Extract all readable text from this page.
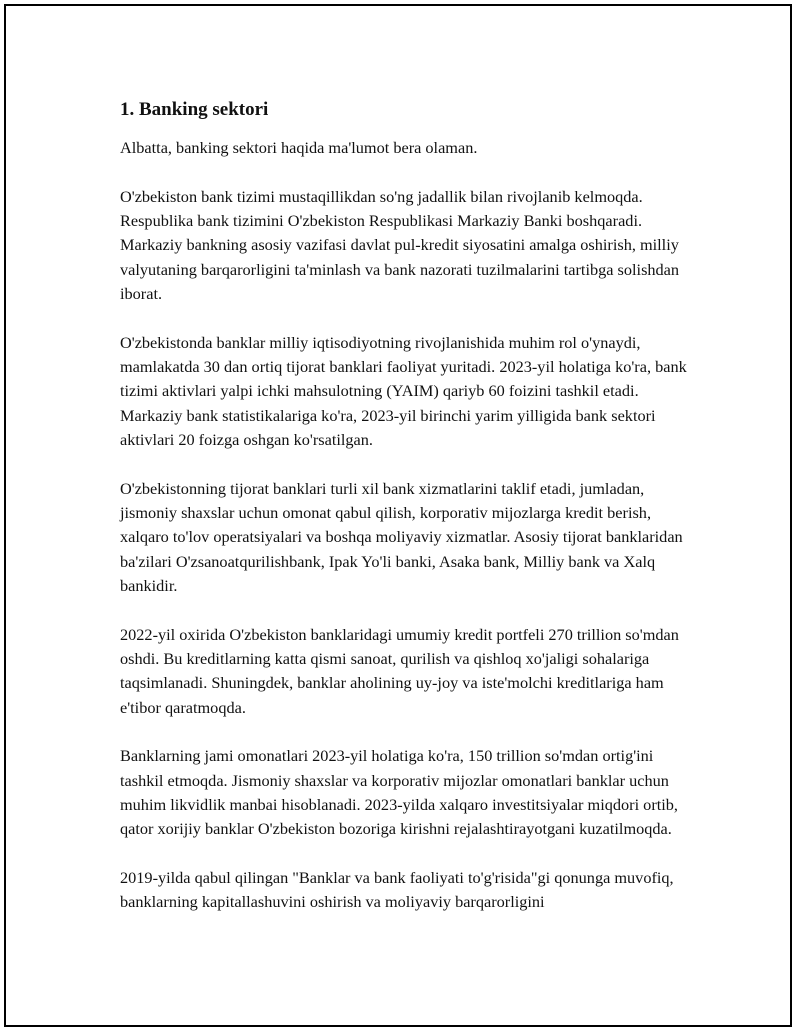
1. Banking sektori

Albatta, banking sektori haqida ma'lumot bera olaman.

O'zbekiston bank tizimi mustaqillikdan so'ng jadallik bilan rivojlanib kelmoqda. Respublika bank tizimini O'zbekiston Respublikasi Markaziy Banki boshqaradi. Markaziy bankning asosiy vazifasi davlat pul-kredit siyosatini amalga oshirish, milliy valyutaning barqarorligini ta'minlash va bank nazorati tuzilmalarini tartibga solishdan iborat.

O'zbekistonda banklar milliy iqtisodiyotning rivojlanishida muhim rol o'ynaydi, mamlakatda 30 dan ortiq tijorat banklari faoliyat yuritadi. 2023-yil holatiga ko'ra, bank tizimi aktivlari yalpi ichki mahsulotning (YAIM) qariyb 60 foizini tashkil etadi. Markaziy bank statistikalariga ko'ra, 2023-yil birinchi yarim yilligida bank sektori aktivlari 20 foizga oshgan ko'rsatilgan.

O'zbekistonning tijorat banklari turli xil bank xizmatlarini taklif etadi, jumladan, jismoniy shaxslar uchun omonat qabul qilish, korporativ mijozlarga kredit berish, xalqaro to'lov operatsiyalari va boshqa moliyaviy xizmatlar. Asosiy tijorat banklaridan ba'zilari O'zsanoatqurilishbank, Ipak Yo'li banki, Asaka bank, Milliy bank va Xalq bankidir.

2022-yil oxirida O'zbekiston banklaridagi umumiy kredit portfeli 270 trillion so'mdan oshdi. Bu kreditlarning katta qismi sanoat, qurilish va qishloq xo'jaligi sohalariga taqsimlanadi. Shuningdek, banklar aholining uy-joy va iste'molchi kreditlariga ham e'tibor qaratmoqda.

Banklarning jami omonatlari 2023-yil holatiga ko'ra, 150 trillion so'mdan ortig'ini tashkil etmoqda. Jismoniy shaxslar va korporativ mijozlar omonatlari banklar uchun muhim likvidlik manbai hisoblanadi. 2023-yilda xalqaro investitsiyalar miqdori ortib, qator xorijiy banklar O'zbekiston bozoriga kirishni rejalashtirayotgani kuzatilmoqda.

2019-yilda qabul qilingan "Banklar va bank faoliyati to'g'risida"gi qonunga muvofiq, banklarning kapitallashuvini oshirish va moliyaviy barqarorligini
